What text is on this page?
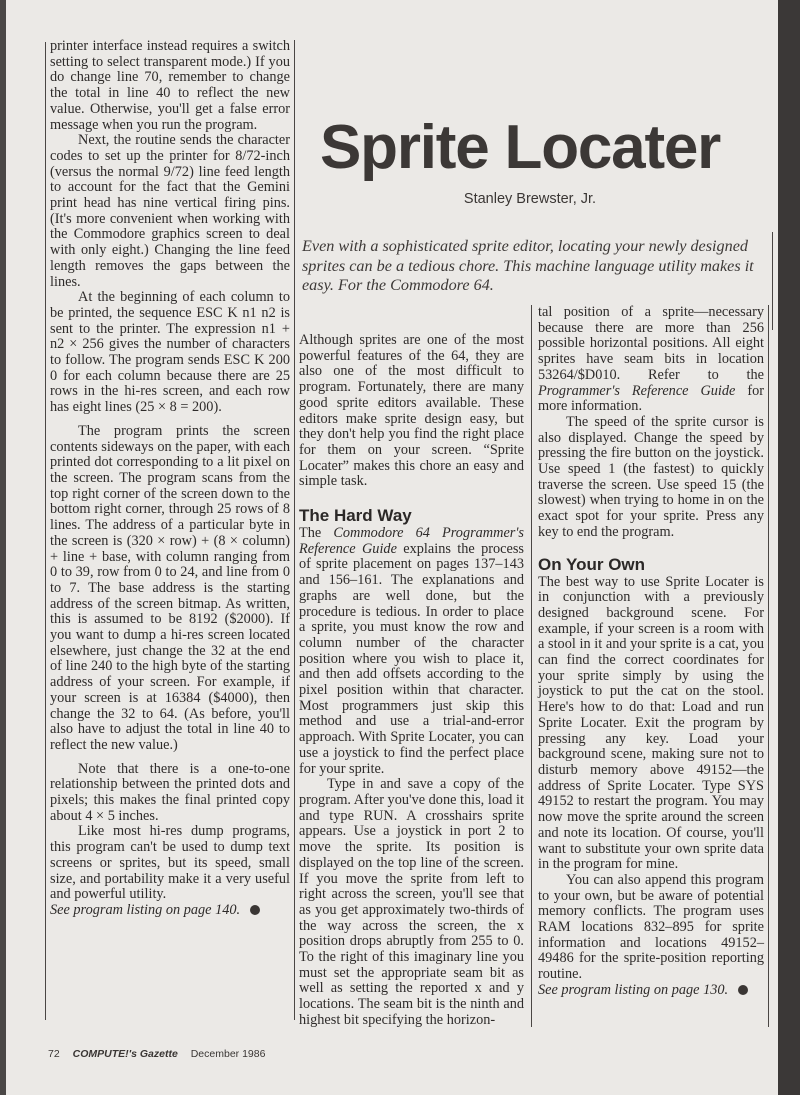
Sprite Locater
Stanley Brewster, Jr.
Even with a sophisticated sprite editor, locating your newly designed sprites can be a tedious chore. This machine language utility makes it easy. For the Commodore 64.

printer interface instead requires a switch setting to select transparent mode.) If you do change line 70, remember to change the total in line 40 to reflect the new value. Otherwise, you'll get a false error message when you run the program.

Next, the routine sends the character codes to set up the printer for 8/72-inch (versus the normal 9/72) line feed length to account for the fact that the Gemini print head has nine vertical firing pins. (It's more convenient when working with the Commodore graphics screen to deal with only eight.) Changing the line feed length removes the gaps between the lines.

At the beginning of each column to be printed, the sequence ESC K n1 n2 is sent to the printer. The expression n1 + n2 × 256 gives the number of characters to follow. The program sends ESC K 200 0 for each column because there are 25 rows in the hi-res screen, and each row has eight lines (25 × 8 = 200).

The program prints the screen contents sideways on the paper, with each printed dot corresponding to a lit pixel on the screen. The program scans from the top right corner of the screen down to the bottom right corner, through 25 rows of 8 lines. The address of a particular byte in the screen is (320 × row) + (8 × column) + line + base, with column ranging from 0 to 39, row from 0 to 24, and line from 0 to 7. The base address is the starting address of the screen bitmap. As written, this is assumed to be 8192 ($2000). If you want to dump a hi-res screen located elsewhere, just change the 32 at the end of line 240 to the high byte of the starting address of your screen. For example, if your screen is at 16384 ($4000), then change the 32 to 64. (As before, you'll also have to adjust the total in line 40 to reflect the new value.)

Note that there is a one-to-one relationship between the printed dots and pixels; this makes the final printed copy about 4 × 5 inches.

Like most hi-res dump programs, this program can't be used to dump text screens or sprites, but its speed, small size, and portability make it a very useful and powerful utility.

See program listing on page 140.

Although sprites are one of the most powerful features of the 64, they are also one of the most difficult to program. Fortunately, there are many good sprite editors available. These editors make sprite design easy, but they don't help you find the right place for them on your screen. “Sprite Locater” makes this chore an easy and simple task.

The Hard Way

The Commodore 64 Programmer's Reference Guide explains the process of sprite placement on pages 137–143 and 156–161. The explanations and graphs are well done, but the procedure is tedious. In order to place a sprite, you must know the row and column number of the character position where you wish to place it, and then add offsets according to the pixel position within that character. Most programmers just skip this method and use a trial-and-error approach. With Sprite Locater, you can use a joystick to find the perfect place for your sprite.

Type in and save a copy of the program. After you've done this, load it and type RUN. A crosshairs sprite appears. Use a joystick in port 2 to move the sprite. Its position is displayed on the top line of the screen. If you move the sprite from left to right across the screen, you'll see that as you get approximately two-thirds of the way across the screen, the x position drops abruptly from 255 to 0. To the right of this imaginary line you must set the appropriate seam bit as well as setting the reported x and y locations. The seam bit is the ninth and highest bit specifying the horizon-

tal position of a sprite—necessary because there are more than 256 possible horizontal positions. All eight sprites have seam bits in location 53264/$D010. Refer to the Programmer's Reference Guide for more information.

The speed of the sprite cursor is also displayed. Change the speed by pressing the fire button on the joystick. Use speed 1 (the fastest) to quickly traverse the screen. Use speed 15 (the slowest) when trying to home in on the exact spot for your sprite. Press any key to end the program.

On Your Own

The best way to use Sprite Locater is in conjunction with a previously designed background scene. For example, if your screen is a room with a stool in it and your sprite is a cat, you can find the correct coordinates for your sprite simply by using the joystick to put the cat on the stool. Here's how to do that: Load and run Sprite Locater. Exit the program by pressing any key. Load your background scene, making sure not to disturb memory above 49152—the address of Sprite Locater. Type SYS 49152 to restart the program. You may now move the sprite around the screen and note its location. Of course, you'll want to substitute your own sprite data in the program for mine.

You can also append this program to your own, but be aware of potential memory conflicts. The program uses RAM locations 832–895 for sprite information and locations 49152–49486 for the sprite-position reporting routine.

See program listing on page 130.

72 COMPUTE!'s Gazette December 1986
